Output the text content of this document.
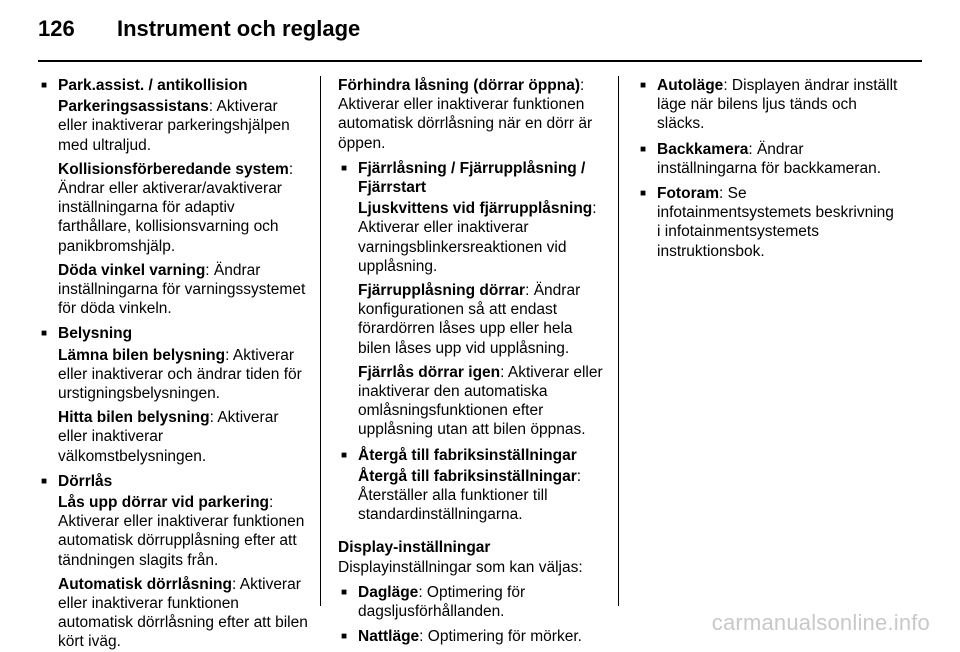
126	Instrument och reglage
■ Park.assist. / antikollision
Parkeringsassistans: Aktiverar eller inaktiverar parkeringshjälpen med ultraljud.
Kollisionsförberedande system: Ändrar eller aktiverar/avaktiverar inställningarna för adaptiv farthållare, kollisionsvarning och panikbromshjälp.
Döda vinkel varning: Ändrar inställningarna för varningssystemet för döda vinkeln.
■ Belysning
Lämna bilen belysning: Aktiverar eller inaktiverar och ändrar tiden för urstigningsbelysningen.
Hitta bilen belysning: Aktiverar eller inaktiverar välkomstbelysningen.
■ Dörrlås
Lås upp dörrar vid parkering: Aktiverar eller inaktiverar funktionen automatisk dörrupplåsning efter att tändningen slagits från.
Automatisk dörrlåsning: Aktiverar eller inaktiverar funktionen automatisk dörrlåsning efter att bilen kört iväg.
Förhindra låsning (dörrar öppna): Aktiverar eller inaktiverar funktionen automatisk dörrlåsning när en dörr är öppen.
■ Fjärrlåsning / Fjärrupplåsning / Fjärrstart
Ljuskvittens vid fjärrupplåsning: Aktiverar eller inaktiverar varningsblinkersreaktionen vid upplåsning.
Fjärrupplåsning dörrar: Ändrar konfigurationen så att endast förardörren låses upp eller hela bilen låses upp vid upplåsning.
Fjärrlås dörrar igen: Aktiverar eller inaktiverar den automatiska omlåsningsfunktionen efter upplåsning utan att bilen öppnas.
■ Återgå till fabriksinställningar
Återgå till fabriksinställningar: Återställer alla funktioner till standardinställningarna.
Display-inställningar
Displayinställningar som kan väljas:
■ Dagläge: Optimering för dagsljusförhållanden.
■ Nattläge: Optimering för mörker.
■ Autoläge: Displayen ändrar inställt läge när bilens ljus tänds och släcks.
■ Backkamera: Ändrar inställningarna för backkameran.
■ Fotoram: Se infotainmentsystemets beskrivning i infotainmentsystemets instruktionsbok.
carmanualsonline.info
